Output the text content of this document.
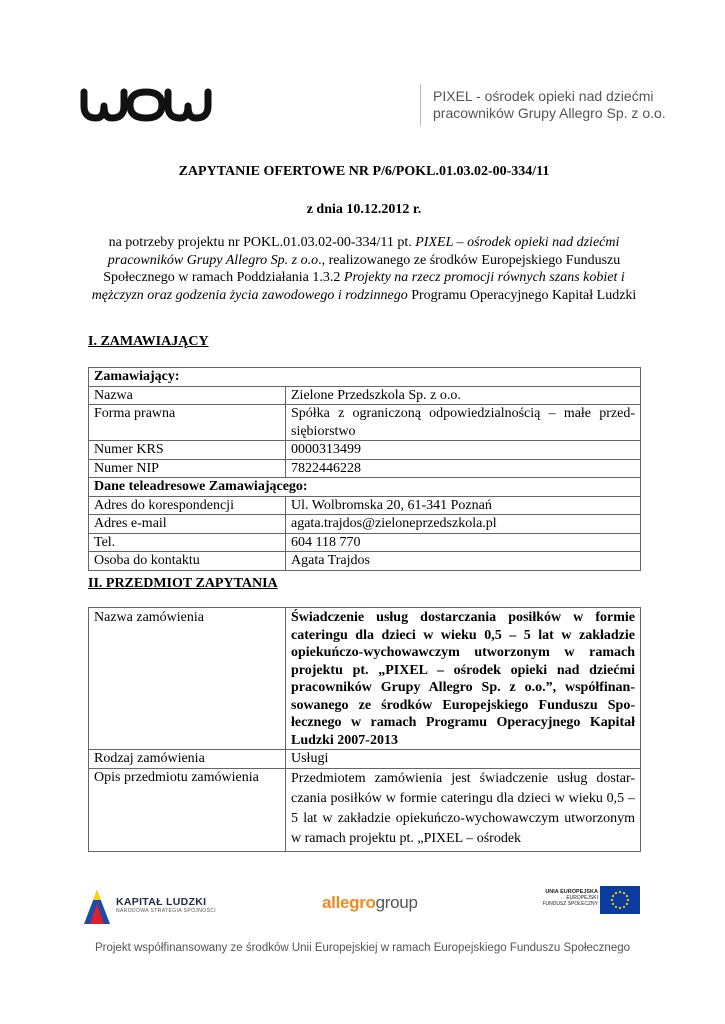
PIXEL - ośrodek opieki nad dziećmi
pracowników Grupy Allegro Sp. z o.o.
ZAPYTANIE OFERTOWE NR P/6/POKL.01.03.02-00-334/11
z dnia 10.12.2012 r.
na potrzeby projektu nr POKL.01.03.02-00-334/11 pt. PIXEL – ośrodek opieki nad dziećmi pracowników Grupy Allegro Sp. z o.o., realizowanego ze środków Europejskiego Funduszu Społecznego w ramach Poddziałania 1.3.2 Projekty na rzecz promocji równych szans kobiet i mężczyzn oraz godzenia życia zawodowego i rodzinnego Programu Operacyjnego Kapitał Ludzki
I. ZAMAWIAJĄCY
Zamawiający:	
Nazwa	Zielone Przedszkola Sp. z o.o.
Forma prawna	Spółka z ograniczoną odpowiedzialnością – małe przed-siębiorstwo
Numer KRS	0000313499
Numer NIP	7822446228
Dane teleadresowe Zamawiającego:	
Adres do korespondencji	Ul. Wolbromska 20, 61-341 Poznań
Adres e-mail	agata.trajdos@zieloneprzedszkola.pl
Tel.	604 118 770
Osoba do kontaktu	Agata Trajdos
II. PRZEDMIOT ZAPYTANIA
Nazwa zamówienia	Świadczenie usług dostarczania posiłków w formie cateringu dla dzieci w wieku 0,5 – 5 lat w zakładzie opiekuńczo-wychowawczym utworzonym w ramach projektu pt. „PIXEL – ośrodek opieki nad dziećmi pracowników Grupy Allegro Sp. z o.o.”, współfinan-sowanego ze środków Europejskiego Funduszu Spo-łecznego w ramach Programu Operacyjnego Kapitał Ludzki 2007-2013
Rodzaj zamówienia	Usługi
Opis przedmiotu zamówienia	Przedmiotem zamówienia jest świadczenie usług dostar-czania posiłków w formie cateringu dla dzieci w wieku 0,5 – 5 lat w zakładzie opiekuńczo-wychowawczym utworzonym w ramach projektu pt. „PIXEL – ośrodek
KAPITAŁ LUDZKI
NARODOWA STRATEGIA SPÓJNOŚCI	allegrogroup
UNIA EUROPEJSKA
EUROPEJSKI
FUNDUSZ SPOŁECZNY
Projekt współfinansowany ze środków Unii Europejskiej w ramach Europejskiego Funduszu Społecznego
